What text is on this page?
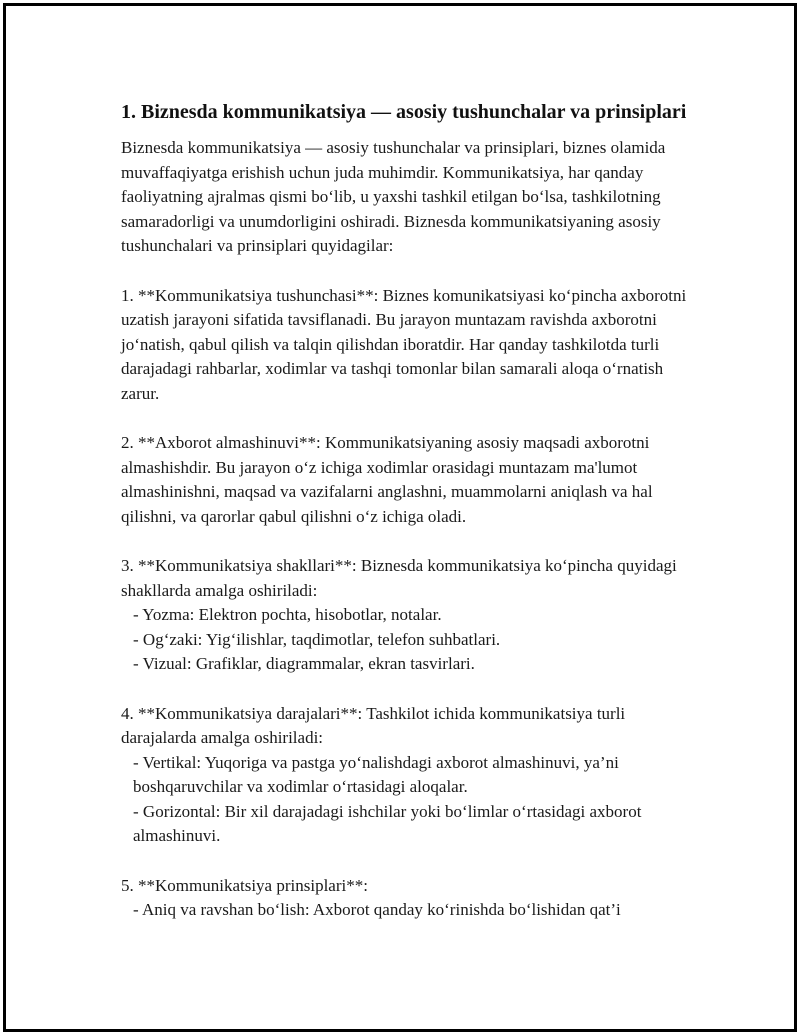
1. Biznesda kommunikatsiya — asosiy tushunchalar va prinsiplari

Biznesda kommunikatsiya — asosiy tushunchalar va prinsiplari, biznes olamida muvaffaqiyatga erishish uchun juda muhimdir. Kommunikatsiya, har qanday faoliyatning ajralmas qismi bo‘lib, u yaxshi tashkil etilgan bo‘lsa, tashkilotning samaradorligi va unumdorligini oshiradi. Biznesda kommunikatsiyaning asosiy tushunchalari va prinsiplari quyidagilar:

1. **Kommunikatsiya tushunchasi**: Biznes komunikatsiyasi ko‘pincha axborotni uzatish jarayoni sifatida tavsiflanadi. Bu jarayon muntazam ravishda axborotni jo‘natish, qabul qilish va talqin qilishdan iboratdir. Har qanday tashkilotda turli darajadagi rahbarlar, xodimlar va tashqi tomonlar bilan samarali aloqa o‘rnatish zarur.

2. **Axborot almashinuvi**: Kommunikatsiyaning asosiy maqsadi axborotni almashishdir. Bu jarayon o‘z ichiga xodimlar orasidagi muntazam ma'lumot almashinishni, maqsad va vazifalarni anglashni, muammolarni aniqlash va hal qilishni, va qarorlar qabul qilishni o‘z ichiga oladi.

3. **Kommunikatsiya shakllari**: Biznesda kommunikatsiya ko‘pincha quyidagi shakllarda amalga oshiriladi:

- Yozma: Elektron pochta, hisobotlar, notalar.

- Og‘zaki: Yig‘ilishlar, taqdimotlar, telefon suhbatlari.

- Vizual: Grafiklar, diagrammalar, ekran tasvirlari.

4. **Kommunikatsiya darajalari**: Tashkilot ichida kommunikatsiya turli darajalarda amalga oshiriladi:

- Vertikal: Yuqoriga va pastga yo‘nalishdagi axborot almashinuvi, ya’ni boshqaruvchilar va xodimlar o‘rtasidagi aloqalar.

- Gorizontal: Bir xil darajadagi ishchilar yoki bo‘limlar o‘rtasidagi axborot almashinuvi.

5. **Kommunikatsiya prinsiplari**:

- Aniq va ravshan bo‘lish: Axborot qanday ko‘rinishda bo‘lishidan qat’i
